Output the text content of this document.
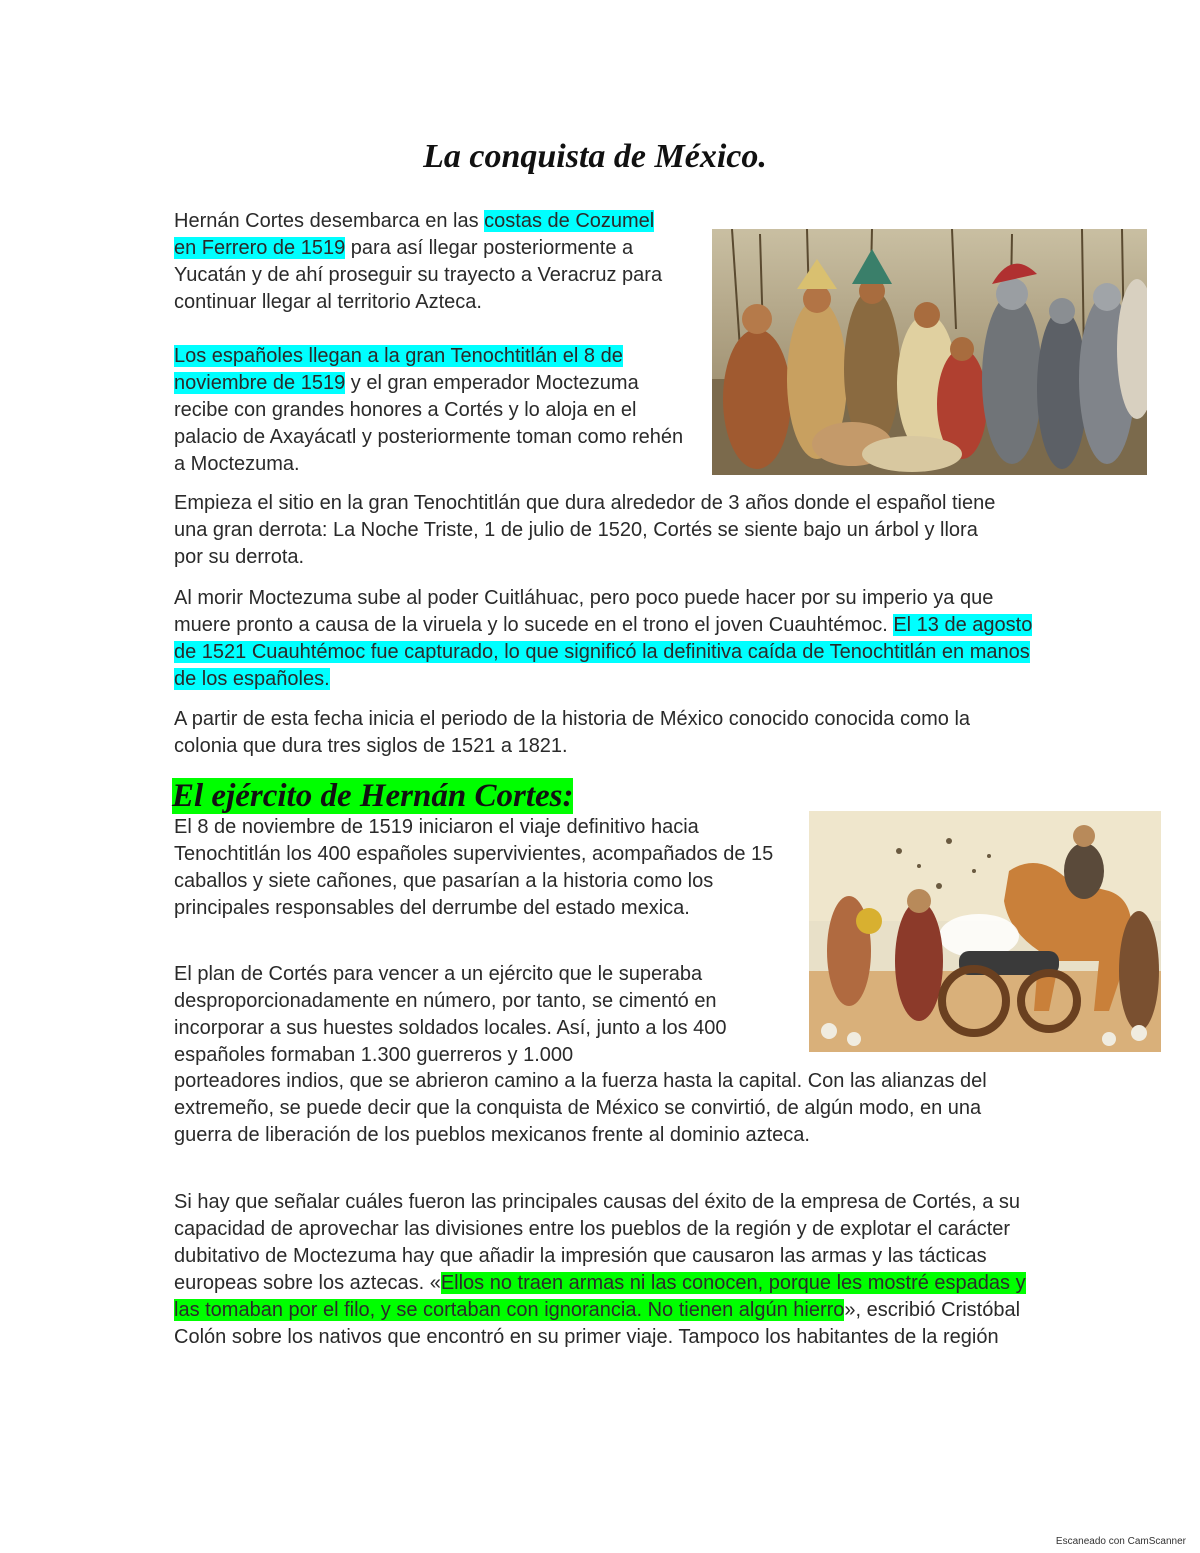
La conquista de México.

Hernán Cortes desembarca en las costas de Cozumel en Ferrero de 1519 para así llegar posteriormente a Yucatán y de ahí proseguir su trayecto a Veracruz para continuar llegar al territorio Azteca.

Los españoles llegan a la gran Tenochtitlán el 8 de noviembre de 1519 y el gran emperador Moctezuma recibe con grandes honores a Cortés y lo aloja en el palacio de Axayácatl y posteriormente toman como rehén a Moctezuma.

Empieza el sitio en la gran Tenochtitlán que dura alrededor de 3 años donde el español tiene una gran derrota: La Noche Triste, 1 de julio de 1520, Cortés se siente bajo un árbol y llora por su derrota.

Al morir Moctezuma sube al poder Cuitláhuac, pero poco puede hacer por su imperio ya que muere pronto a causa de la viruela y lo sucede en el trono el joven Cuauhtémoc. El 13 de agosto de 1521 Cuauhtémoc fue capturado, lo que significó la definitiva caída de Tenochtitlán en manos de los españoles.

A partir de esta fecha inicia el periodo de la historia de México conocido conocida como la colonia que dura tres siglos de 1521 a 1821.

El ejército de Hernán Cortes:

El 8 de noviembre de 1519 iniciaron el viaje definitivo hacia Tenochtitlán los 400 españoles supervivientes, acompañados de 15 caballos y siete cañones, que pasarían a la historia como los principales responsables del derrumbe del estado mexica.

El plan de Cortés para vencer a un ejército que le superaba desproporcionadamente en número, por tanto, se cimentó en incorporar a sus huestes soldados locales. Así, junto a los 400 españoles formaban 1.300 guerreros y 1.000

porteadores indios, que se abrieron camino a la fuerza hasta la capital. Con las alianzas del extremeño, se puede decir que la conquista de México se convirtió, de algún modo, en una guerra de liberación de los pueblos mexicanos frente al dominio azteca.

Si hay que señalar cuáles fueron las principales causas del éxito de la empresa de Cortés, a su capacidad de aprovechar las divisiones entre los pueblos de la región y de explotar el carácter dubitativo de Moctezuma hay que añadir la impresión que causaron las armas y las tácticas europeas sobre los aztecas. «Ellos no traen armas ni las conocen, porque les mostré espadas y las tomaban por el filo, y se cortaban con ignorancia. No tienen algún hierro», escribió Cristóbal Colón sobre los nativos que encontró en su primer viaje. Tampoco los habitantes de la región

Escaneado con CamScanner
